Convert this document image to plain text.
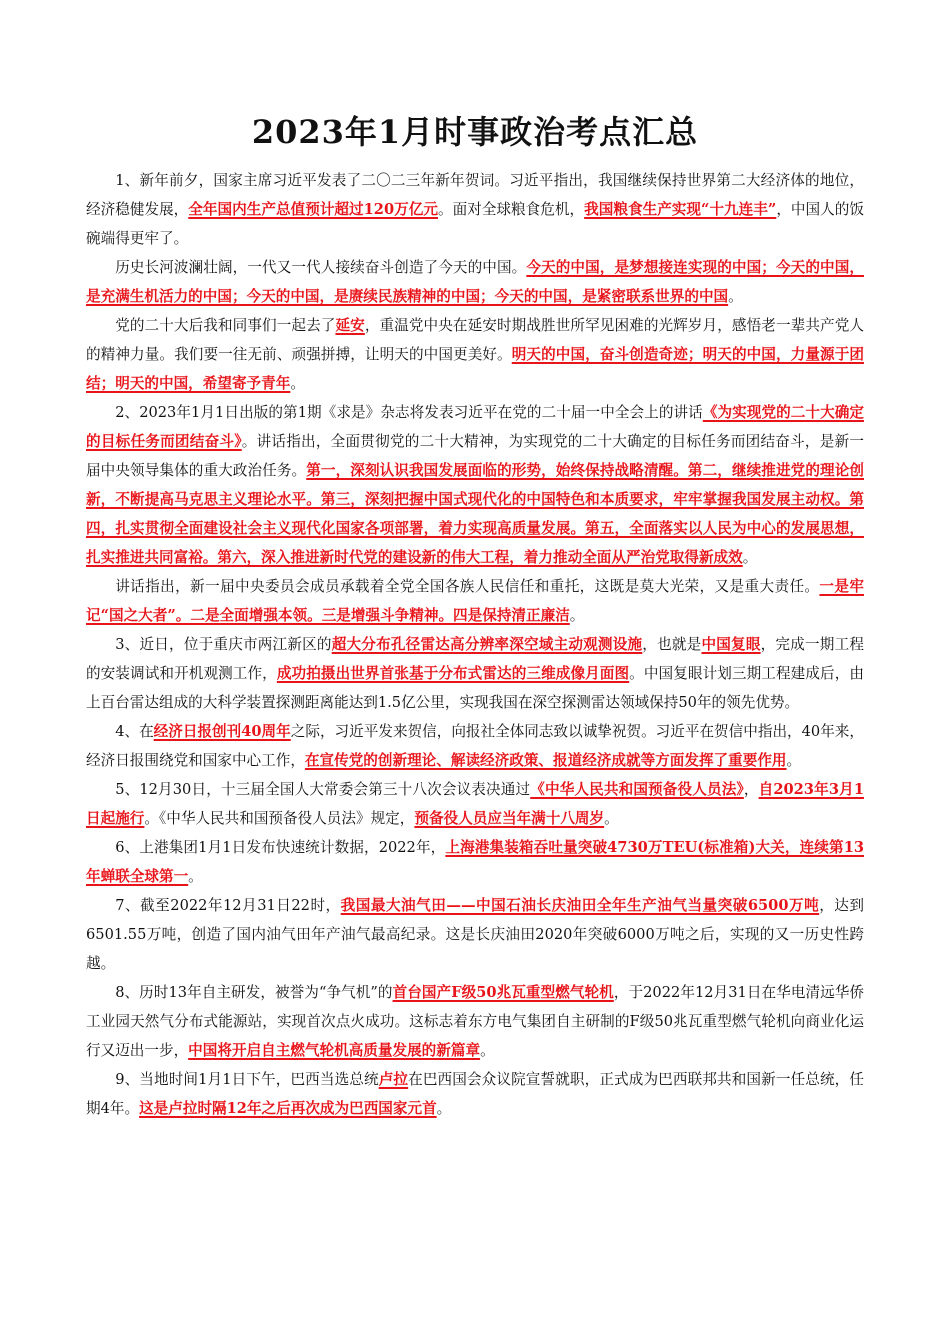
2023年1月时事政治考点汇总

1、新年前夕，国家主席习近平发表了二〇二三年新年贺词。习近平指出，我国继续保持世界第二大经济体的地位，经济稳健发展，全年国内生产总值预计超过120万亿元。面对全球粮食危机，我国粮食生产实现“十九连丰”，中国人的饭碗端得更牢了。

历史长河波澜壮阔，一代又一代人接续奋斗创造了今天的中国。今天的中国，是梦想接连实现的中国；今天的中国，是充满生机活力的中国；今天的中国，是赓续民族精神的中国；今天的中国，是紧密联系世界的中国。

党的二十大后我和同事们一起去了延安，重温党中央在延安时期战胜世所罕见困难的光辉岁月，感悟老一辈共产党人的精神力量。我们要一往无前、顽强拼搏，让明天的中国更美好。明天的中国，奋斗创造奇迹；明天的中国，力量源于团结；明天的中国，希望寄予青年。

2、2023年1月1日出版的第1期《求是》杂志将发表习近平在党的二十届一中全会上的讲话《为实现党的二十大确定的目标任务而团结奋斗》。讲话指出，全面贯彻党的二十大精神，为实现党的二十大确定的目标任务而团结奋斗，是新一届中央领导集体的重大政治任务。第一，深刻认识我国发展面临的形势，始终保持战略清醒。第二，继续推进党的理论创新，不断提高马克思主义理论水平。第三，深刻把握中国式现代化的中国特色和本质要求，牢牢掌握我国发展主动权。第四，扎实贯彻全面建设社会主义现代化国家各项部署，着力实现高质量发展。第五，全面落实以人民为中心的发展思想，扎实推进共同富裕。第六，深入推进新时代党的建设新的伟大工程，着力推动全面从严治党取得新成效。

讲话指出，新一届中央委员会成员承载着全党全国各族人民信任和重托，这既是莫大光荣，又是重大责任。一是牢记“国之大者”。二是全面增强本领。三是增强斗争精神。四是保持清正廉洁。

3、近日，位于重庆市两江新区的超大分布孔径雷达高分辨率深空域主动观测设施，也就是中国复眼，完成一期工程的安装调试和开机观测工作，成功拍摄出世界首张基于分布式雷达的三维成像月面图。中国复眼计划三期工程建成后，由上百台雷达组成的大科学装置探测距离能达到1.5亿公里，实现我国在深空探测雷达领域保持50年的领先优势。

4、在经济日报创刊40周年之际，习近平发来贺信，向报社全体同志致以诚挚祝贺。习近平在贺信中指出，40年来，经济日报围绕党和国家中心工作，在宣传党的创新理论、解读经济政策、报道经济成就等方面发挥了重要作用。

5、12月30日，十三届全国人大常委会第三十八次会议表决通过《中华人民共和国预备役人员法》，自2023年3月1日起施行。《中华人民共和国预备役人员法》规定，预备役人员应当年满十八周岁。

6、上港集团1月1日发布快速统计数据，2022年，上海港集装箱吞吐量突破4730万TEU(标准箱)大关，连续第13年蝉联全球第一。

7、截至2022年12月31日22时，我国最大油气田——中国石油长庆油田全年生产油气当量突破6500万吨，达到6501.55万吨，创造了国内油气田年产油气最高纪录。这是长庆油田2020年突破6000万吨之后，实现的又一历史性跨越。

8、历时13年自主研发，被誉为“争气机”的首台国产F级50兆瓦重型燃气轮机，于2022年12月31日在华电清远华侨工业园天然气分布式能源站，实现首次点火成功。这标志着东方电气集团自主研制的F级50兆瓦重型燃气轮机向商业化运行又迈出一步，中国将开启自主燃气轮机高质量发展的新篇章。

9、当地时间1月1日下午，巴西当选总统卢拉在巴西国会众议院宣誓就职，正式成为巴西联邦共和国新一任总统，任期4年。这是卢拉时隔12年之后再次成为巴西国家元首。
